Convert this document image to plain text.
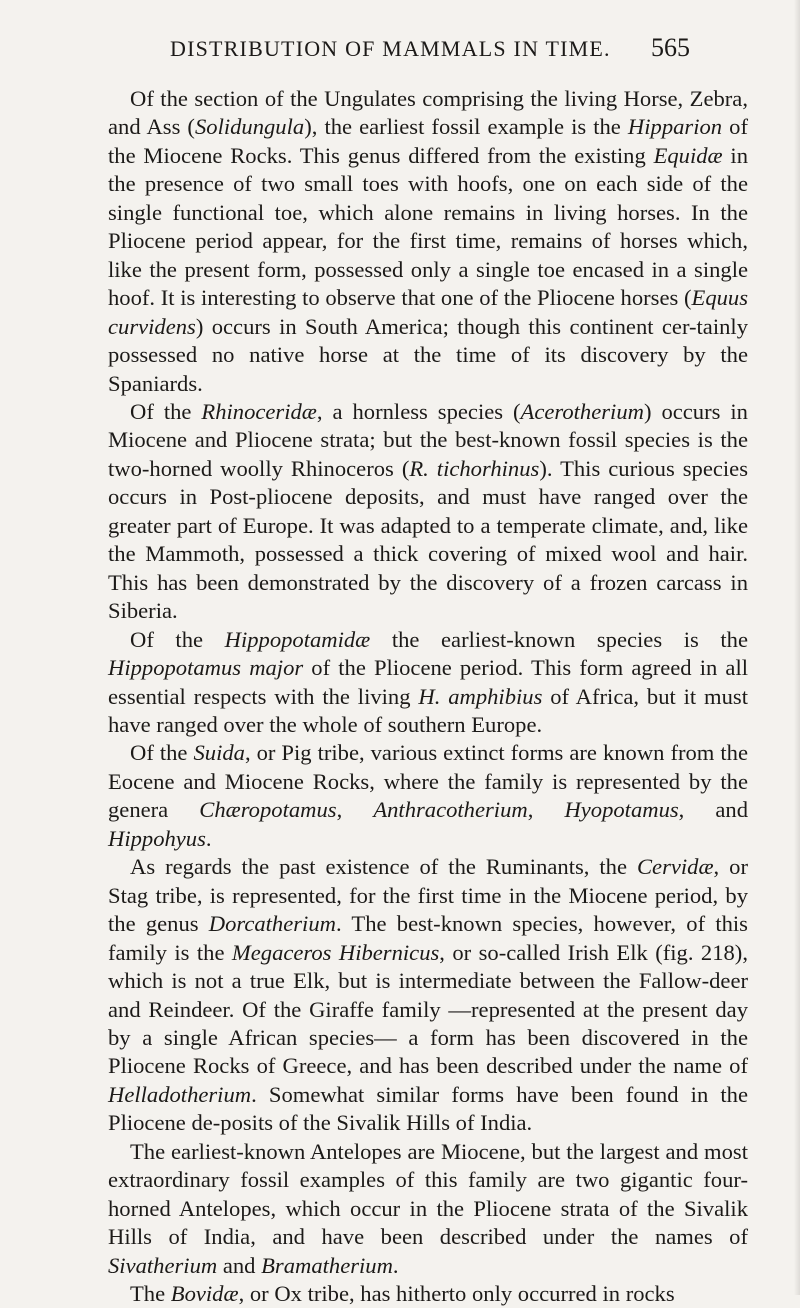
DISTRIBUTION OF MAMMALS IN TIME. 565

Of the section of the Ungulates comprising the living Horse, Zebra, and Ass (Solidungula), the earliest fossil example is the Hipparion of the Miocene Rocks. This genus differed from the existing Equidæ in the presence of two small toes with hoofs, one on each side of the single functional toe, which alone remains in living horses. In the Pliocene period appear, for the first time, remains of horses which, like the present form, possessed only a single toe encased in a single hoof. It is interesting to observe that one of the Pliocene horses (Equus curvidens) occurs in South America; though this continent cer-tainly possessed no native horse at the time of its discovery by the Spaniards.

Of the Rhinoceridæ, a hornless species (Acerotherium) occurs in Miocene and Pliocene strata; but the best-known fossil species is the two-horned woolly Rhinoceros (R. tichorhinus). This curious species occurs in Post-pliocene deposits, and must have ranged over the greater part of Europe. It was adapted to a temperate climate, and, like the Mammoth, possessed a thick covering of mixed wool and hair. This has been demonstrated by the discovery of a frozen carcass in Siberia.

Of the Hippopotamidæ the earliest-known species is the Hippopotamus major of the Pliocene period. This form agreed in all essential respects with the living H. amphibius of Africa, but it must have ranged over the whole of southern Europe.

Of the Suida, or Pig tribe, various extinct forms are known from the Eocene and Miocene Rocks, where the family is represented by the genera Chæropotamus, Anthracotherium, Hyopotamus, and Hippohyus.

As regards the past existence of the Ruminants, the Cervidæ, or Stag tribe, is represented, for the first time in the Miocene period, by the genus Dorcatherium. The best-known species, however, of this family is the Megaceros Hibernicus, or so-called Irish Elk (fig. 218), which is not a true Elk, but is intermediate between the Fallow-deer and Reindeer. Of the Giraffe family —represented at the present day by a single African species— a form has been discovered in the Pliocene Rocks of Greece, and has been described under the name of Helladotherium. Somewhat similar forms have been found in the Pliocene de-posits of the Sivalik Hills of India.

The earliest-known Antelopes are Miocene, but the largest and most extraordinary fossil examples of this family are two gigantic four-horned Antelopes, which occur in the Pliocene strata of the Sivalik Hills of India, and have been described under the names of Sivatherium and Bramatherium.

The Bovidæ, or Ox tribe, has hitherto only occurred in rocks
